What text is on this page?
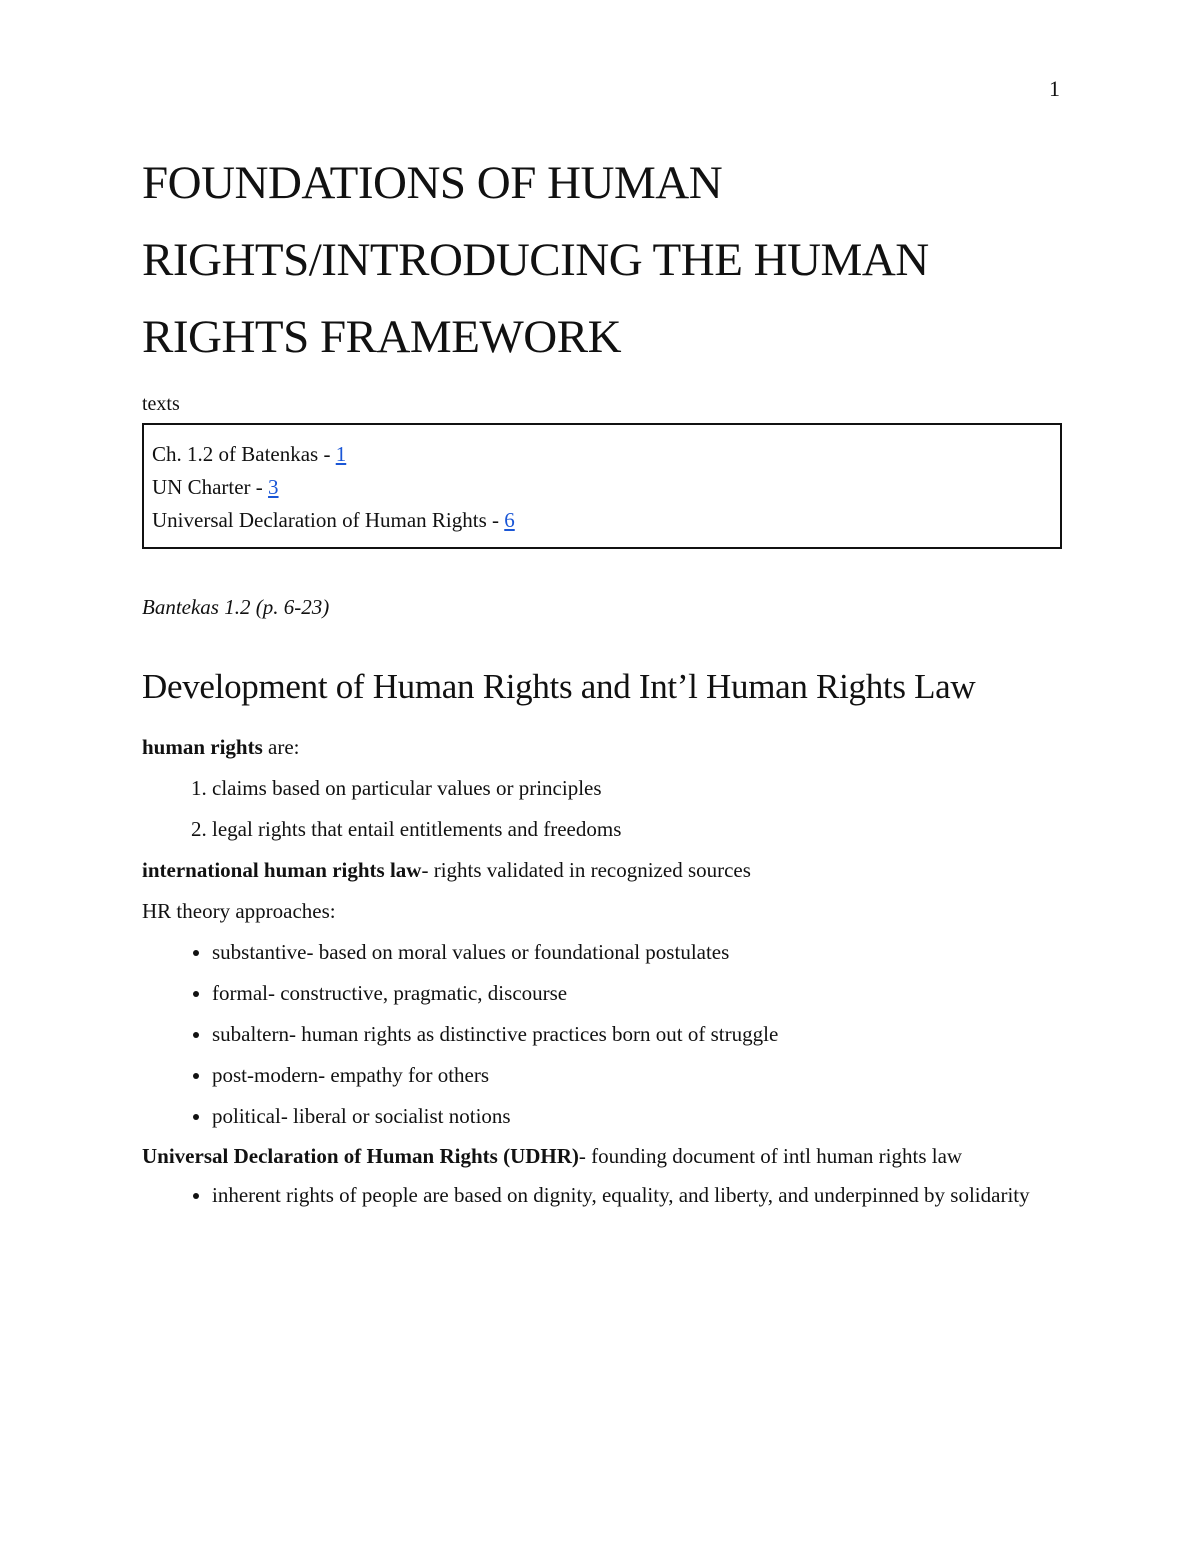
1
FOUNDATIONS OF HUMAN RIGHTS/INTRODUCING THE HUMAN RIGHTS FRAMEWORK

texts

Ch. 1.2 of Batenkas - 1
UN Charter - 3
Universal Declaration of Human Rights - 6

Bantekas 1.2 (p. 6-23)

Development of Human Rights and Int’l Human Rights Law

human rights are:

1. claims based on particular values or principles
2. legal rights that entail entitlements and freedoms

international human rights law- rights validated in recognized sources

HR theory approaches:

• substantive- based on moral values or foundational postulates
• formal- constructive, pragmatic, discourse
• subaltern- human rights as distinctive practices born out of struggle
• post-modern- empathy for others
• political- liberal or socialist notions

Universal Declaration of Human Rights (UDHR)- founding document of intl human rights law

• inherent rights of people are based on dignity, equality, and liberty, and underpinned by solidarity
